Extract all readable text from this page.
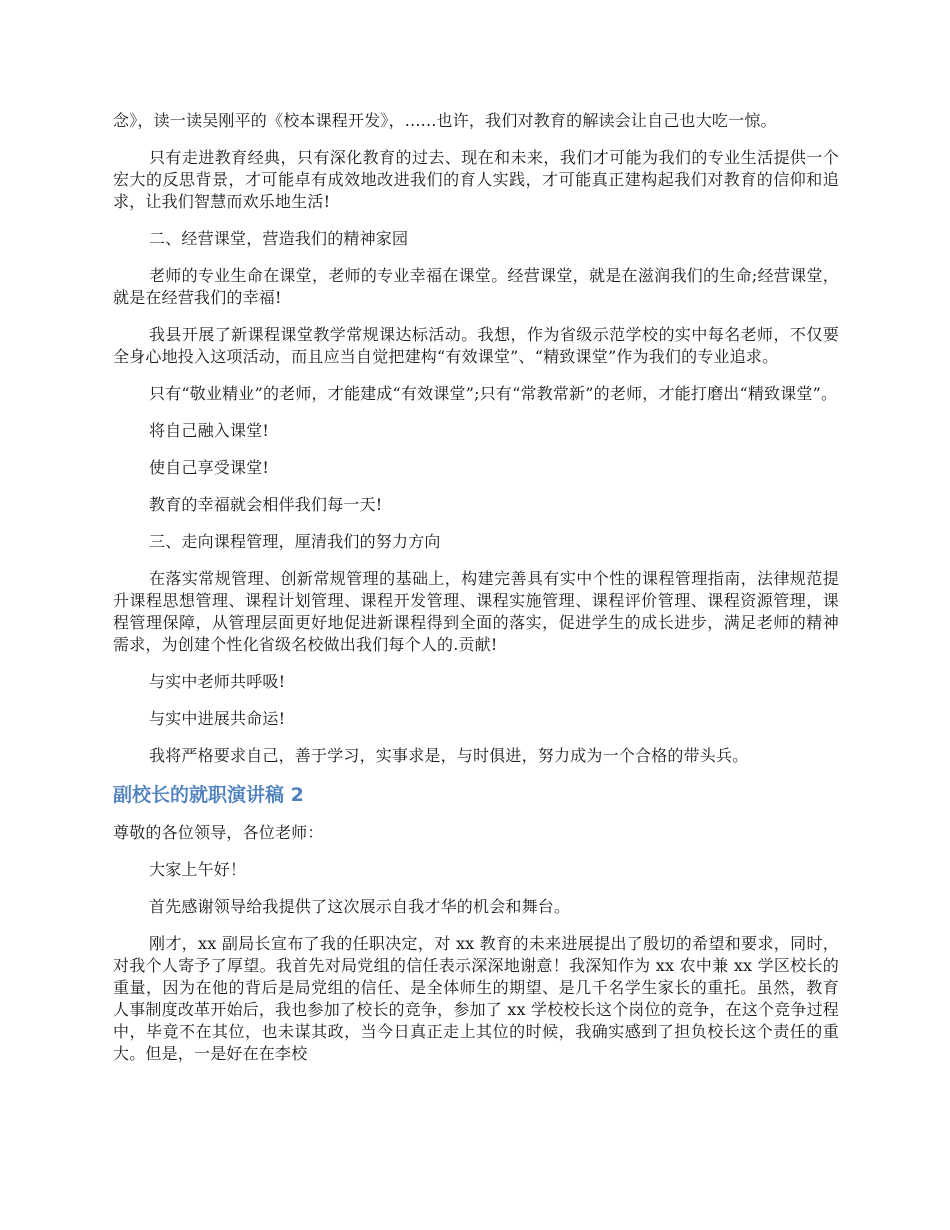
念》，读一读吴刚平的《校本课程开发》，......也许，我们对教育的解读会让自己也大吃一惊。

只有走进教育经典，只有深化教育的过去、现在和未来，我们才可能为我们的专业生活提供一个宏大的反思背景，才可能卓有成效地改进我们的育人实践，才可能真正建构起我们对教育的信仰和追求，让我们智慧而欢乐地生活!

二、经营课堂，营造我们的精神家园

老师的专业生命在课堂，老师的专业幸福在课堂。经营课堂，就是在滋润我们的生命;经营课堂，就是在经营我们的幸福!

我县开展了新课程课堂教学常规课达标活动。我想，作为省级示范学校的实中每名老师，不仅要全身心地投入这项活动，而且应当自觉把建构“有效课堂”、“精致课堂”作为我们的专业追求。

只有“敬业精业”的老师，才能建成“有效课堂”;只有“常教常新”的老师，才能打磨出“精致课堂”。

将自己融入课堂!

使自己享受课堂!

教育的幸福就会相伴我们每一天!

三、走向课程管理，厘清我们的努力方向

在落实常规管理、创新常规管理的基础上，构建完善具有实中个性的课程管理指南，法律规范提升课程思想管理、课程计划管理、课程开发管理、课程实施管理、课程评价管理、课程资源管理，课程管理保障，从管理层面更好地促进新课程得到全面的落实，促进学生的成长进步，满足老师的精神需求，为创建个性化省级名校做出我们每个人的.贡献!

与实中老师共呼吸!

与实中进展共命运!

我将严格要求自己，善于学习，实事求是，与时俱进，努力成为一个合格的带头兵。

副校长的就职演讲稿 2

尊敬的各位领导，各位老师：

大家上午好！

首先感谢领导给我提供了这次展示自我才华的机会和舞台。

刚才，xx 副局长宣布了我的任职决定，对 xx 教育的未来进展提出了殷切的希望和要求，同时，对我个人寄予了厚望。我首先对局党组的信任表示深深地谢意！我深知作为 xx 农中兼 xx 学区校长的重量，因为在他的背后是局党组的信任、是全体师生的期望、是几千名学生家长的重托。虽然，教育人事制度改革开始后，我也参加了校长的竞争，参加了 xx 学校校长这个岗位的竞争，在这个竞争过程中，毕竟不在其位，也未谋其政，当今日真正走上其位的时候，我确实感到了担负校长这个责任的重大。但是，一是好在在李校
